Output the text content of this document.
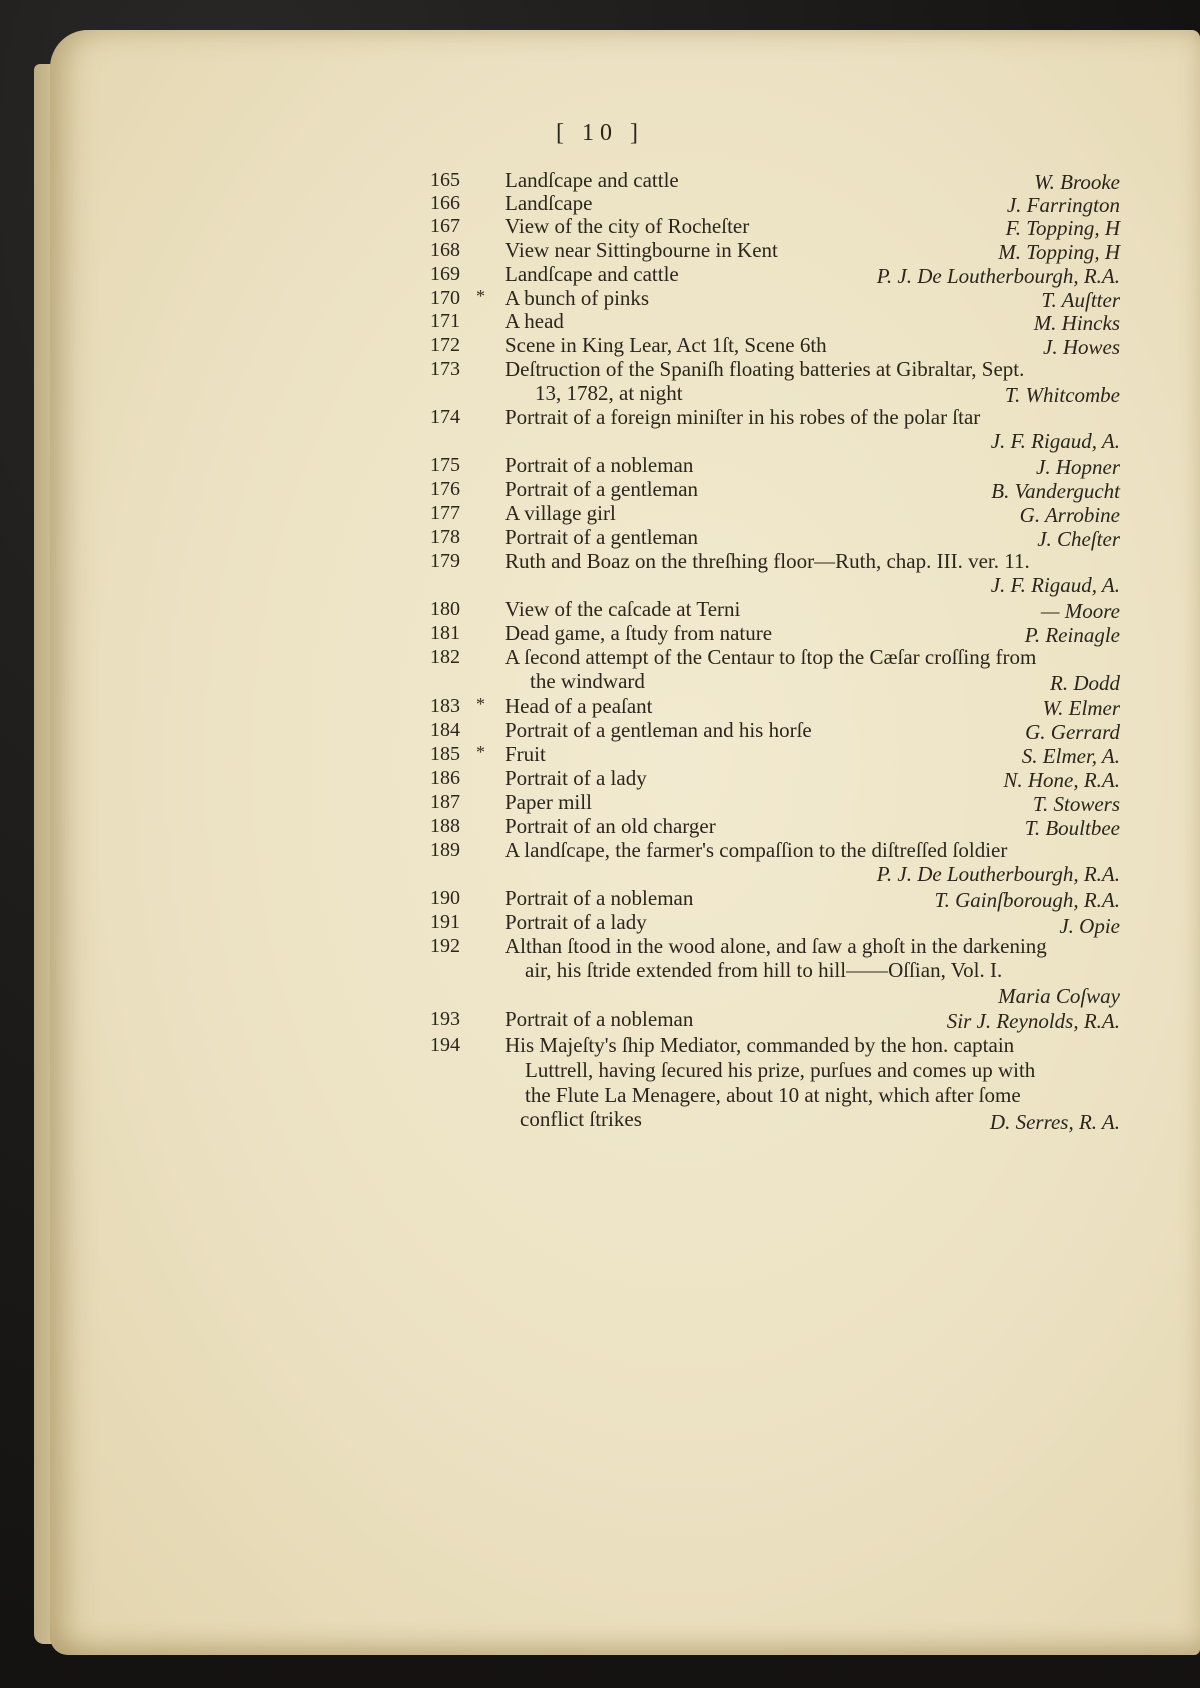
[ 10 ]
165 Landſcape and cattle	W. Brooke
166 Landſcape	J. Farrington
167 View of the city of Rocheſter	F. Topping, H
168 View near Sittingbourne in Kent	M. Topping, H
169 Landſcape and cattle	P. J. De Loutherbourgh, R.A.
170 * A bunch of pinks	T. Auſtter
171 A head	M. Hincks
172 Scene in King Lear, Act 1ſt, Scene 6th	J. Howes
173 Deſtruction of the Spaniſh floating batteries at Gibraltar, Sept.
13, 1782, at night	T. Whitcombe
174 Portrait of a foreign miniſter in his robes of the polar ſtar
J. F. Rigaud, A.
175 Portrait of a nobleman	J. Hopner
176 Portrait of a gentleman	B. Vandergucht
177 A village girl	G. Arrobine
178 Portrait of a gentleman	J. Cheſter
179 Ruth and Boaz on the threſhing floor—Ruth, chap. III. ver. 11.
J. F. Rigaud, A.
180 View of the caſcade at Terni	— Moore
181 Dead game, a ſtudy from nature	P. Reinagle
182 A ſecond attempt of the Centaur to ſtop the Cæſar croſſing from
the windward	R. Dodd
183 * Head of a peaſant	W. Elmer
184 Portrait of a gentleman and his horſe	G. Gerrard
185 * Fruit	S. Elmer, A.
186 Portrait of a lady	N. Hone, R.A.
187 Paper mill	T. Stowers
188 Portrait of an old charger	T. Boultbee
189 A landſcape, the farmer's compaſſion to the diſtreſſed ſoldier
P. J. De Loutherbourgh, R.A.
190 Portrait of a nobleman	T. Gainſborough, R.A.
191 Portrait of a lady	J. Opie
192 Althan ſtood in the wood alone, and ſaw a ghoſt in the darkening
air, his ſtride extended from hill to hill——Oſſian, Vol. I.
Maria Coſway
193 Portrait of a nobleman	Sir J. Reynolds, R.A.
194 His Majeſty's ſhip Mediator, commanded by the hon. captain
Luttrell, having ſecured his prize, purſues and comes up with
the Flute La Menagere, about 10 at night, which after ſome
conflict ſtrikes	D. Serres, R. A.
